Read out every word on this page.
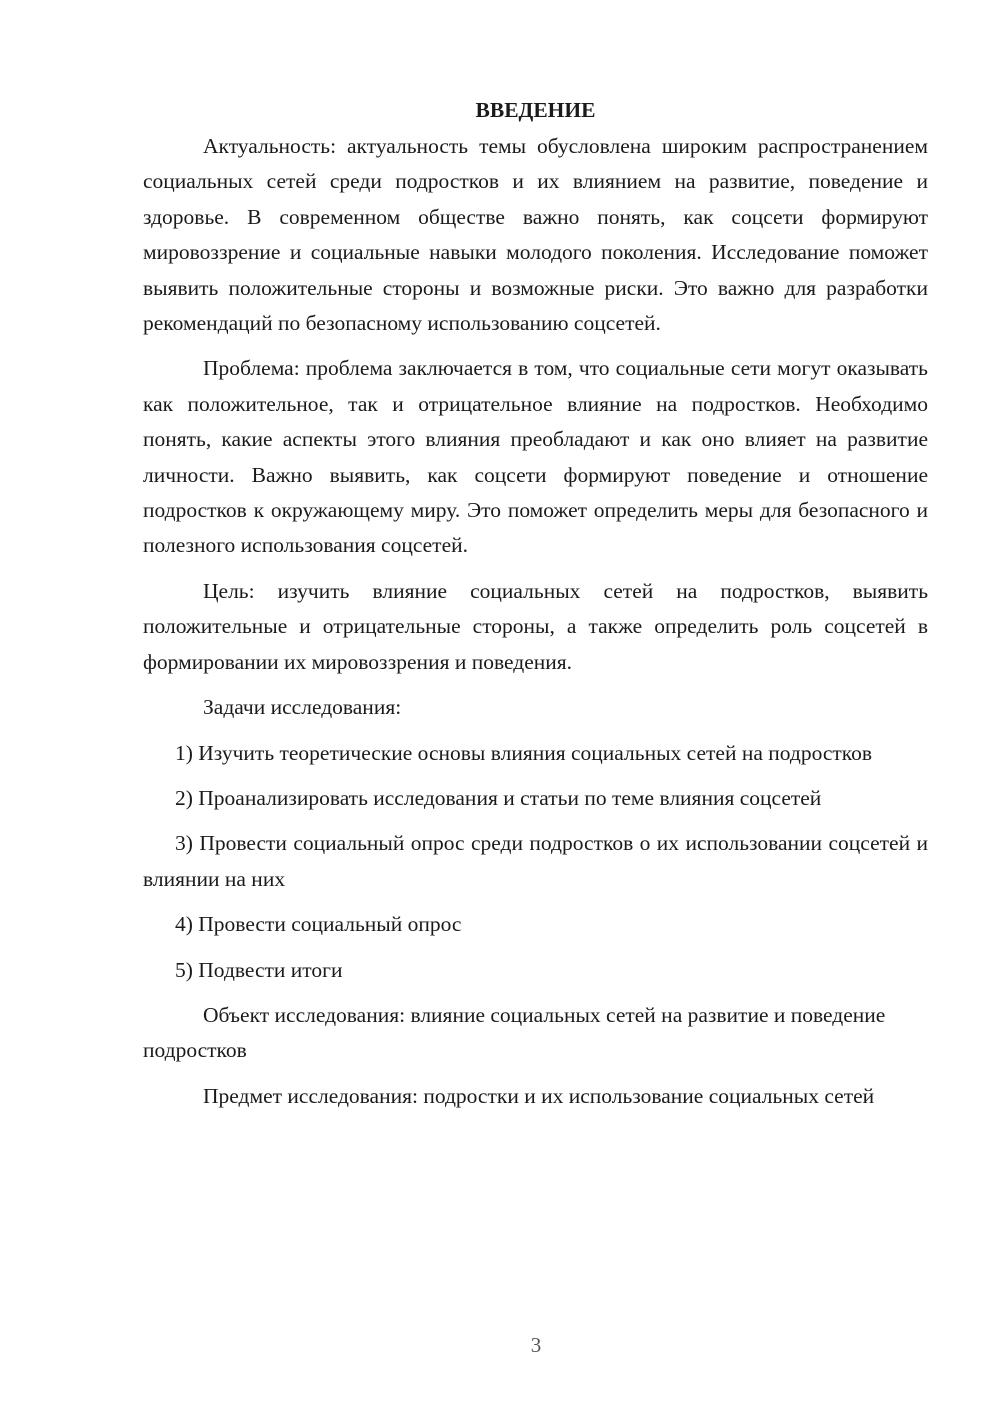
ВВЕДЕНИЕ

Актуальность: актуальность темы обусловлена широким распространением социальных сетей среди подростков и их влиянием на развитие, поведение и здоровье. В современном обществе важно понять, как соцсети формируют мировоззрение и социальные навыки молодого поколения. Исследование поможет выявить положительные стороны и возможные риски. Это важно для разработки рекомендаций по безопасному использованию соцсетей.

Проблема: проблема заключается в том, что социальные сети могут оказывать как положительное, так и отрицательное влияние на подростков. Необходимо понять, какие аспекты этого влияния преобладают и как оно влияет на развитие личности. Важно выявить, как соцсети формируют поведение и отношение подростков к окружающему миру. Это поможет определить меры для безопасного и полезного использования соцсетей.

Цель: изучить влияние социальных сетей на подростков, выявить положительные и отрицательные стороны, а также определить роль соцсетей в формировании их мировоззрения и поведения.

Задачи исследования:

1) Изучить теоретические основы влияния социальных сетей на подростков

2) Проанализировать исследования и статьи по теме влияния соцсетей

3) Провести социальный опрос среди подростков о их использовании соцсетей и влиянии на них

4) Провести социальный опрос

5) Подвести итоги

Объект исследования: влияние социальных сетей на развитие и поведение подростков

Предмет исследования: подростки и их использование социальных сетей

3
